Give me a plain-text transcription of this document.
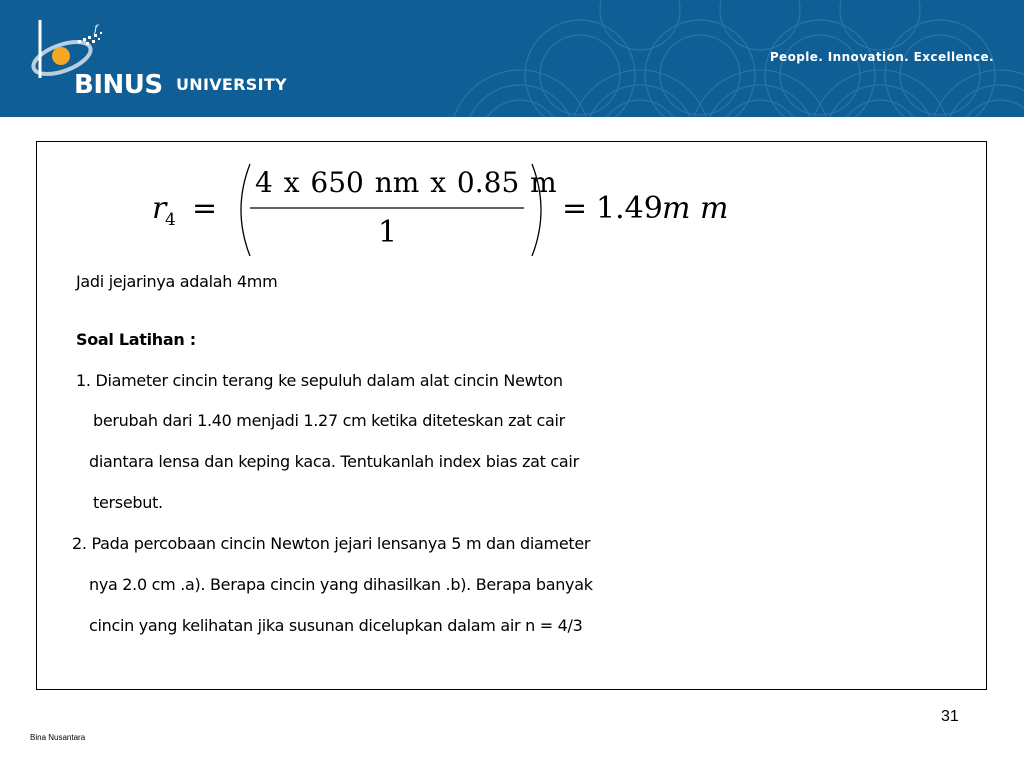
f
BINUS UNIVERSITY
People. Innovation. Excellence.
r
4 =
4 x 650 nm x 0.85 m
1
= 1.49 m m
Jadi jejarinya adalah 4mm
Soal Latihan :
1. Diameter cincin terang ke sepuluh dalam alat cincin Newton
berubah dari 1.40 menjadi 1.27 cm ketika diteteskan zat cair
diantara lensa dan keping kaca. Tentukanlah index bias zat cair
tersebut.
2. Pada percobaan cincin Newton jejari lensanya 5 m dan diameter
nya 2.0 cm .a). Berapa cincin yang dihasilkan .b). Berapa banyak
cincin yang kelihatan jika susunan dicelupkan dalam air n = 4/3
31
Bina Nusantara
